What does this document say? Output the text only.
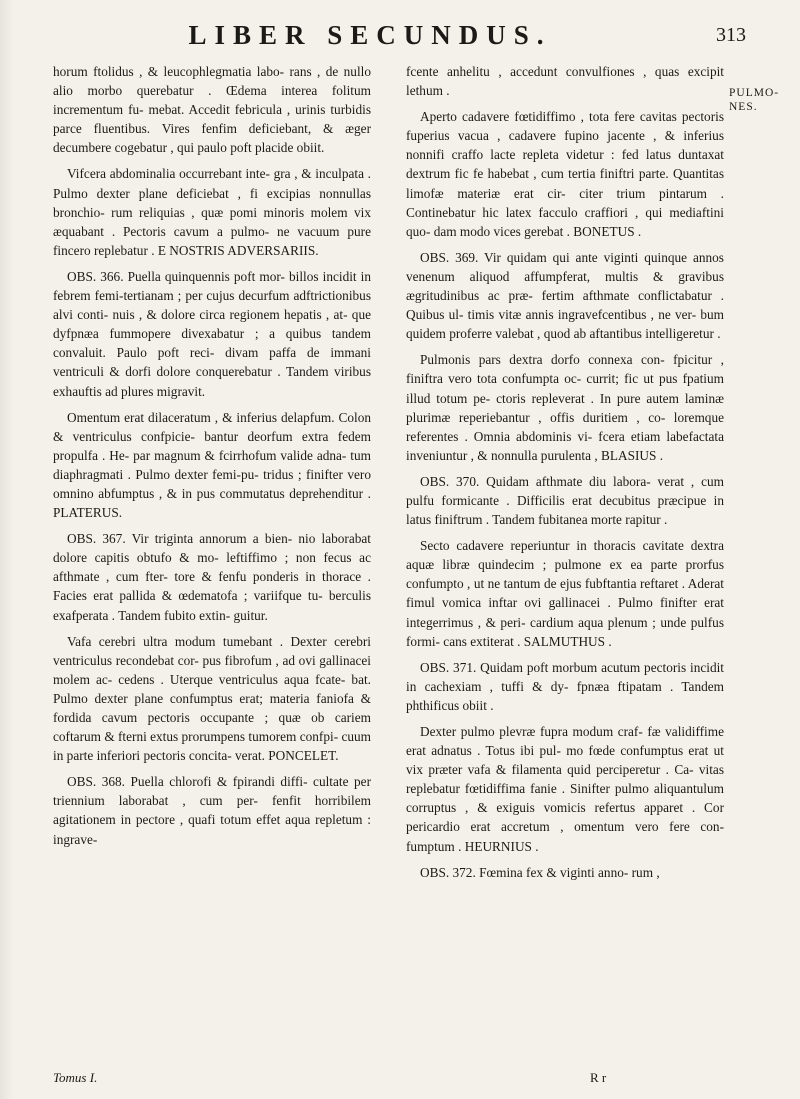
LIBER SECUNDUS.	313

horum ftolidus , & leucophlegmatia labo- rans , de nullo alio morbo querebatur . Œdema interea folitum incrementum fu- mebat. Accedit febricula , urinis turbidis parce fluentibus. Vires fenfim deficiebant, & æger decumbere cogebatur , qui paulo poft placide obiit.

Vifcera abdominalia occurrebant inte- gra , & inculpata . Pulmo dexter plane deficiebat , fi excipias nonnullas bronchio- rum reliquias , quæ pomi minoris molem vix æquabant . Pectoris cavum a pulmo- ne vacuum pure fincero replebatur . E NOSTRIS ADVERSARIIS.

OBS. 366. Puella quinquennis poft mor- billos incidit in febrem femi-tertianam ; per cujus decurfum adftrictionibus alvi conti- nuis , & dolore circa regionem hepatis , at- que dyfpnæa fummopere divexabatur ; a quibus tandem convaluit. Paulo poft reci- divam paffa de immani ventriculi & dorfi dolore conquerebatur . Tandem viribus exhauftis ad plures migravit.

Omentum erat dilaceratum , & inferius delapfum. Colon & ventriculus confpicie- bantur deorfum extra fedem propulfa . He- par magnum & fcirrhofum valide adna- tum diaphragmati . Pulmo dexter femi-pu- tridus ; finifter vero omnino abfumptus , & in pus commutatus deprehenditur . PLATERUS.

OBS. 367. Vir triginta annorum a bien- nio laborabat dolore capitis obtufo & mo- leftiffimo ; non fecus ac afthmate , cum fter- tore & fenfu ponderis in thorace . Facies erat pallida & œdematofa ; variifque tu- berculis exafperata . Tandem fubito extin- guitur.

Vafa cerebri ultra modum tumebant . Dexter cerebri ventriculus recondebat cor- pus fibrofum , ad ovi gallinacei molem ac- cedens . Uterque ventriculus aqua fcate- bat. Pulmo dexter plane confumptus erat; materia faniofa & fordida cavum pectoris occupante ; quæ ob cariem coftarum & fterni extus prorumpens tumorem confpi- cuum in parte inferiori pectoris concita- verat. PONCELET.

OBS. 368. Puella chlorofi & fpirandi diffi- cultate per triennium laborabat , cum per- fenfit horribilem agitationem in pectore , quafi totum effet aqua repletum : ingrave-

fcente anhelitu , accedunt convulfiones , quas excipit lethum .

Aperto cadavere fœtidiffimo , tota fere cavitas pectoris fuperius vacua , cadavere fupino jacente , & inferius nonnifi craffo lacte repleta videtur : fed latus duntaxat dextrum fic fe habebat , cum tertia finiftri parte. Quantitas limofæ materiæ erat cir- citer trium pintarum . Continebatur hic latex facculo craffiori , qui mediaftini quo- dam modo vices gerebat . BONETUS .

OBS. 369. Vir quidam qui ante viginti quinque annos venenum aliquod affumpferat, multis & gravibus ægritudinibus ac præ- fertim afthmate conflictabatur . Quibus ul- timis vitæ annis ingravefcentibus , ne ver- bum quidem proferre valebat , quod ab aftantibus intelligeretur .

Pulmonis pars dextra dorfo connexa con- fpicitur , finiftra vero tota confumpta oc- currit; fic ut pus fpatium illud totum pe- ctoris repleverat . In pure autem laminæ plurimæ reperiebantur , offis duritiem , co- loremque referentes . Omnia abdominis vi- fcera etiam labefactata inveniuntur , & nonnulla purulenta , BLASIUS .

OBS. 370. Quidam afthmate diu labora- verat , cum pulfu formicante . Difficilis erat decubitus præcipue in latus finiftrum . Tandem fubitanea morte rapitur .

Secto cadavere reperiuntur in thoracis cavitate dextra aquæ libræ quindecim ; pulmone ex ea parte prorfus confumpto , ut ne tantum de ejus fubftantia reftaret . Aderat fimul vomica inftar ovi gallinacei . Pulmo finifter erat integerrimus , & peri- cardium aqua plenum ; unde pulfus formi- cans extiterat . SALMUTHUS .

OBS. 371. Quidam poft morbum acutum pectoris incidit in cachexiam , tuffi & dy- fpnæa ftipatam . Tandem phthificus obiit .

Dexter pulmo plevræ fupra modum craf- fæ validiffime erat adnatus . Totus ibi pul- mo fœde confumptus erat ut vix præter vafa & filamenta quid perciperetur . Ca- vitas replebatur fœtidiffima fanie . Sinifter pulmo aliquantulum corruptus , & exiguis vomicis refertus apparet . Cor pericardio erat accretum , omentum vero fere con- fumptum . HEURNIUS .

OBS. 372. Fœmina fex & viginti anno- rum ,

PULMO-NES.
Tomus I.	R r
